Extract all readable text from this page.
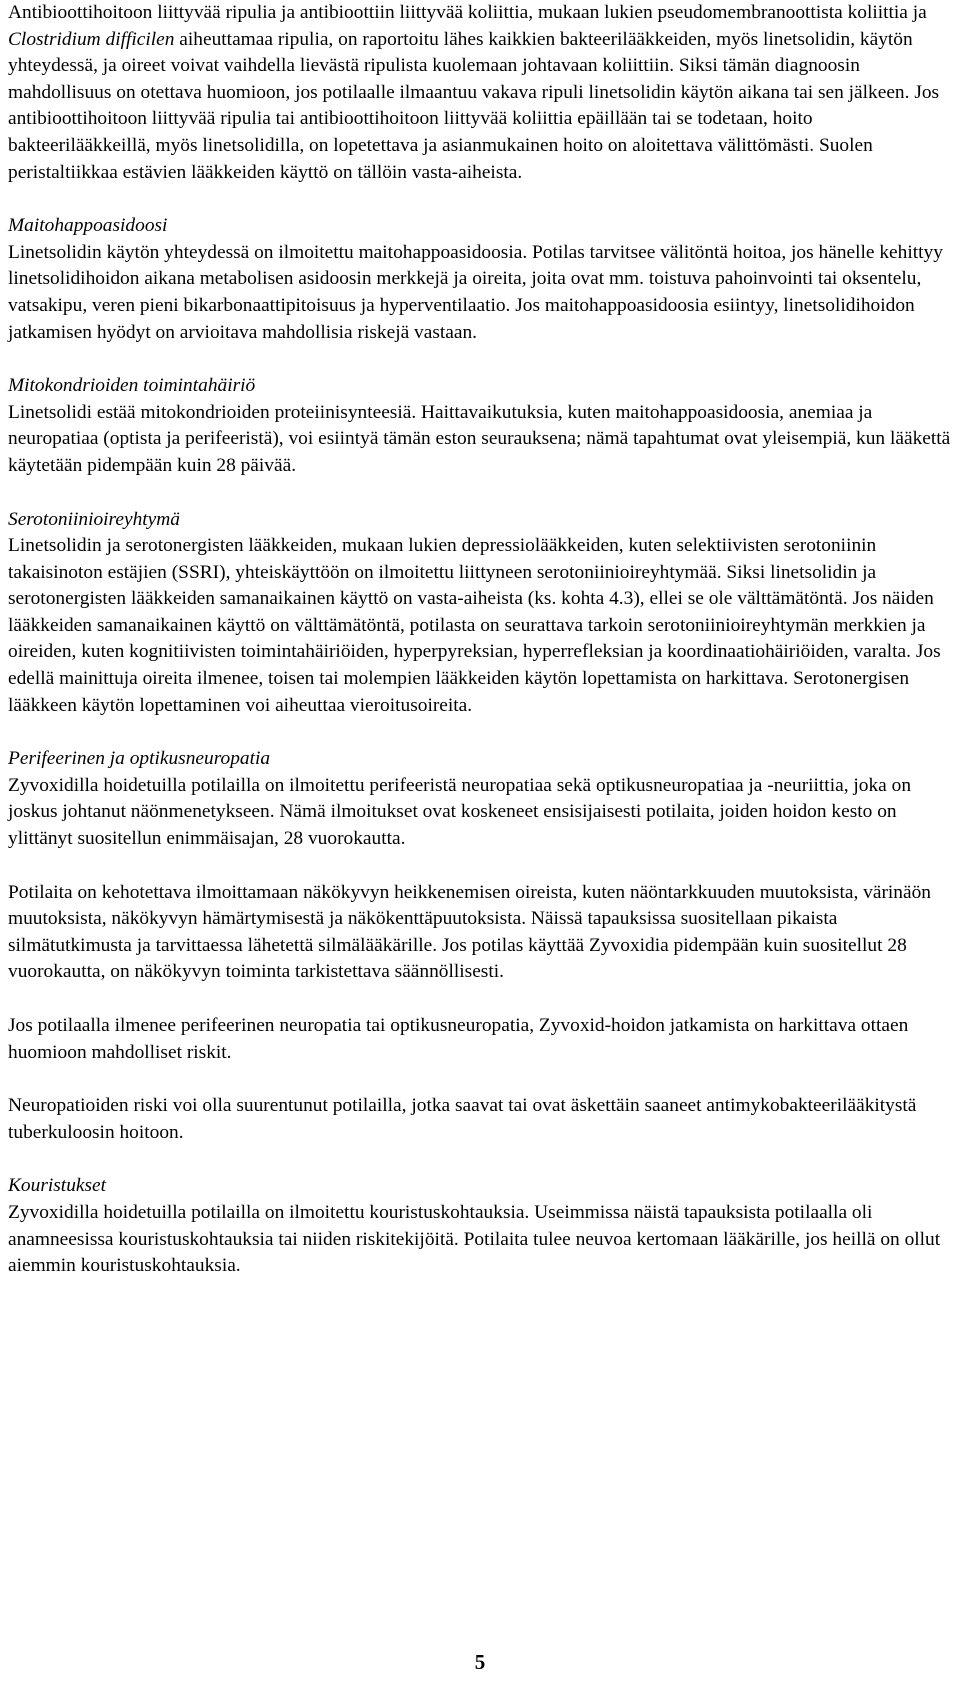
Antibioottihoitoon liittyvää ripulia ja antibioottiin liittyvää koliittia, mukaan lukien pseudomembranoottista koliittia ja Clostridium difficilen aiheuttamaa ripulia, on raportoitu lähes kaikkien bakteerilääkkeiden, myös linetsolidin, käytön yhteydessä, ja oireet voivat vaihdella lievästä ripulista kuolemaan johtavaan koliittiin. Siksi tämän diagnoosin mahdollisuus on otettava huomioon, jos potilaalle ilmaantuu vakava ripuli linetsolidin käytön aikana tai sen jälkeen. Jos antibioottihoitoon liittyvää ripulia tai antibioottihoitoon liittyvää koliittia epäillään tai se todetaan, hoito bakteerilääkkeillä, myös linetsolidilla, on lopetettava ja asianmukainen hoito on aloitettava välittömästi. Suolen peristaltiikkaa estävien lääkkeiden käyttö on tällöin vasta-aiheista.

Maitohappoasidoosi
Linetsolidin käytön yhteydessä on ilmoitettu maitohappoasidoosia. Potilas tarvitsee välitöntä hoitoa, jos hänelle kehittyy linetsolidihoidon aikana metabolisen asidoosin merkkejä ja oireita, joita ovat mm. toistuva pahoinvointi tai oksentelu, vatsakipu, veren pieni bikarbonaattipitoisuus ja hyperventilaatio. Jos maitohappoasidoosia esiintyy, linetsolidihoidon jatkamisen hyödyt on arvioitava mahdollisia riskejä vastaan.

Mitokondrioiden toimintahäiriö
Linetsolidi estää mitokondrioiden proteiinisynteesiä. Haittavaikutuksia, kuten maitohappoasidoosia, anemiaa ja neuropatiaa (optista ja perifeeristä), voi esiintyä tämän eston seurauksena; nämä tapahtumat ovat yleisempiä, kun lääkettä käytetään pidempään kuin 28 päivää.

Serotoniinioireyhtymä
Linetsolidin ja serotonergisten lääkkeiden, mukaan lukien depressiolääkkeiden, kuten selektiivisten serotoniinin takaisinoton estäjien (SSRI), yhteiskäyttöön on ilmoitettu liittyneen serotoniinioireyhtymää. Siksi linetsolidin ja serotonergisten lääkkeiden samanaikainen käyttö on vasta-aiheista (ks. kohta 4.3), ellei se ole välttämätöntä. Jos näiden lääkkeiden samanaikainen käyttö on välttämätöntä, potilasta on seurattava tarkoin serotoniinioireyhtymän merkkien ja oireiden, kuten kognitiivisten toimintahäiriöiden, hyperpyreksian, hyperrefleksian ja koordinaatiohäiriöiden, varalta. Jos edellä mainittuja oireita ilmenee, toisen tai molempien lääkkeiden käytön lopettamista on harkittava. Serotonergisen lääkkeen käytön lopettaminen voi aiheuttaa vieroitusoireita.

Perifeerinen ja optikusneuropatia
Zyvoxidilla hoidetuilla potilailla on ilmoitettu perifeeristä neuropatiaa sekä optikusneuropatiaa ja -neuriittia, joka on joskus johtanut näönmenetykseen. Nämä ilmoitukset ovat koskeneet ensisijaisesti potilaita, joiden hoidon kesto on ylittänyt suositellun enimmäisajan, 28 vuorokautta.

Potilaita on kehotettava ilmoittamaan näkökyvyn heikkenemisen oireista, kuten näöntarkkuuden muutoksista, värinäön muutoksista, näkökyvyn hämärtymisestä ja näkökenttäpuutoksista. Näissä tapauksissa suositellaan pikaista silmätutkimusta ja tarvittaessa lähetettä silmälääkärille. Jos potilas käyttää Zyvoxidia pidempään kuin suositellut 28 vuorokautta, on näkökyvyn toiminta tarkistettava säännöllisesti.

Jos potilaalla ilmenee perifeerinen neuropatia tai optikusneuropatia, Zyvoxid-hoidon jatkamista on harkittava ottaen huomioon mahdolliset riskit.

Neuropatioiden riski voi olla suurentunut potilailla, jotka saavat tai ovat äskettäin saaneet antimykobakteerilääkitystä tuberkuloosin hoitoon.

Kouristukset
Zyvoxidilla hoidetuilla potilailla on ilmoitettu kouristuskohtauksia. Useimmissa näistä tapauksista potilaalla oli anamneesissa kouristuskohtauksia tai niiden riskitekijöitä. Potilaita tulee neuvoa kertomaan lääkärille, jos heillä on ollut aiemmin kouristuskohtauksia.

5
